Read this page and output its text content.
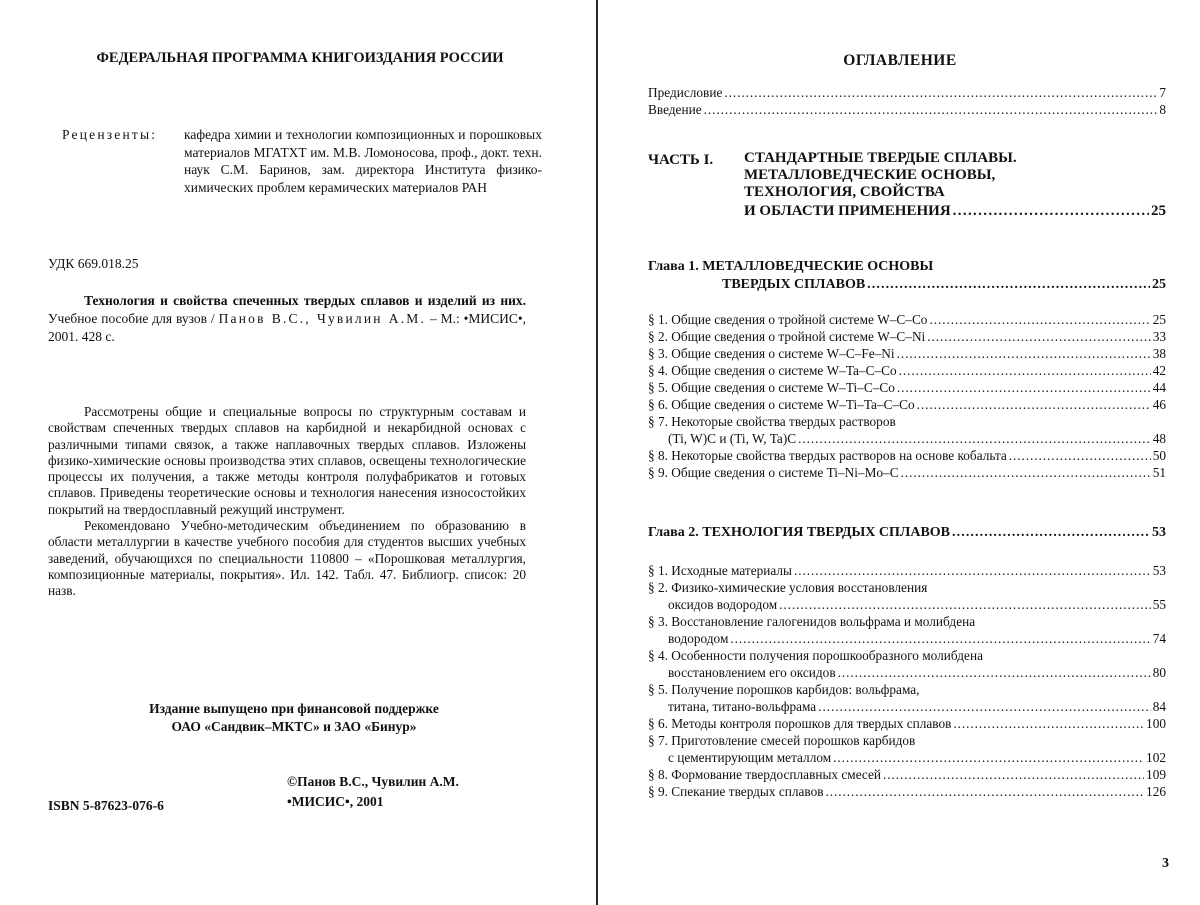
ФЕДЕРАЛЬНАЯ ПРОГРАММА КНИГОИЗДАНИЯ РОССИИ
Рецензенты: кафедра химии и технологии композиционных и порошковых материалов МГАТХТ им. М.В. Ломоносова, проф., докт. техн. наук С.М. Баринов, зам. директора Института физико-химических проблем керамических материалов РАН
УДК 669.018.25
Технология и свойства спеченных твердых сплавов и изделий из них. Учебное пособие для вузов / Панов В.С., Чувилин А.М. – М.: •МИСИС•, 2001. 428 с.

Рассмотрены общие и специальные вопросы по структурным составам и свойствам спеченных твердых сплавов на карбидной и некарбидной основах с различными типами связок, а также наплавочных твердых сплавов. Изложены физико-химические основы производства этих сплавов, освещены технологические процессы их получения, а также методы контроля полуфабрикатов и готовых сплавов. Приведены теоретические основы и технология нанесения износостойких покрытий на твердосплавный режущий инструмент.

Рекомендовано Учебно-методическим объединением по образованию в области металлургии в качестве учебного пособия для студентов высших учебных заведений, обучающихся по специальности 110800 – «Порошковая металлургия, композиционные материалы, покрытия». Ил. 142. Табл. 47. Библиогр. список: 20 назв.

Издание выпущено при финансовой поддержке
ОАО «Сандвик–МКТС» и ЗАО «Бинур»
©Панов В.С., Чувилин А.М.
•МИСИС•, 2001
ISBN 5-87623-076-6
ОГЛАВЛЕНИЕ
Предисловие . . .	7
Введение . . .	8
ЧАСТЬ I. СТАНДАРТНЫЕ ТВЕРДЫЕ СПЛАВЫ.
МЕТАЛЛОВЕДЧЕСКИЕ ОСНОВЫ,
ТЕХНОЛОГИЯ, СВОЙСТВА
И ОБЛАСТИ ПРИМЕНЕНИЯ . . .	25
Глава 1. МЕТАЛЛОВЕДЧЕСКИЕ ОСНОВЫ
ТВЕРДЫХ СПЛАВОВ . . .	25
§ 1. Общие сведения о тройной системе W–C–Co . . .	25
§ 2. Общие сведения о тройной системе W–C–Ni . . .	33
§ 3. Общие сведения о системе W–C–Fe–Ni . . .	38
§ 4. Общие сведения о системе W–Ta–C–Co . . .	42
§ 5. Общие сведения о системе W–Ti–C–Co . . .	44
§ 6. Общие сведения о системе W–Ti–Ta–C–Co . . .	46
§ 7. Некоторые свойства твердых растворов
(Ti, W)C и (Ti, W, Ta)C . . .	48
§ 8. Некоторые свойства твердых растворов на основе кобальта . . .	50
§ 9. Общие сведения о системе Ti–Ni–Mo–C . . .	51
Глава 2. ТЕХНОЛОГИЯ ТВЕРДЫХ СПЛАВОВ . . .	53
§ 1. Исходные материалы . . .	53
§ 2. Физико-химические условия восстановления
оксидов водородом . . .	55
§ 3. Восстановление галогенидов вольфрама и молибдена
водородом . . .	74
§ 4. Особенности получения порошкообразного молибдена
восстановлением его оксидов . . .	80
§ 5. Получение порошков карбидов: вольфрама,
титана, титано-вольфрама . . .	84
§ 6. Методы контроля порошков для твердых сплавов . . .	100
§ 7. Приготовление смесей порошков карбидов
с цементирующим металлом . . .	102
§ 8. Формование твердосплавных смесей . . .	109
§ 9. Спекание твердых сплавов . . .	126
3
